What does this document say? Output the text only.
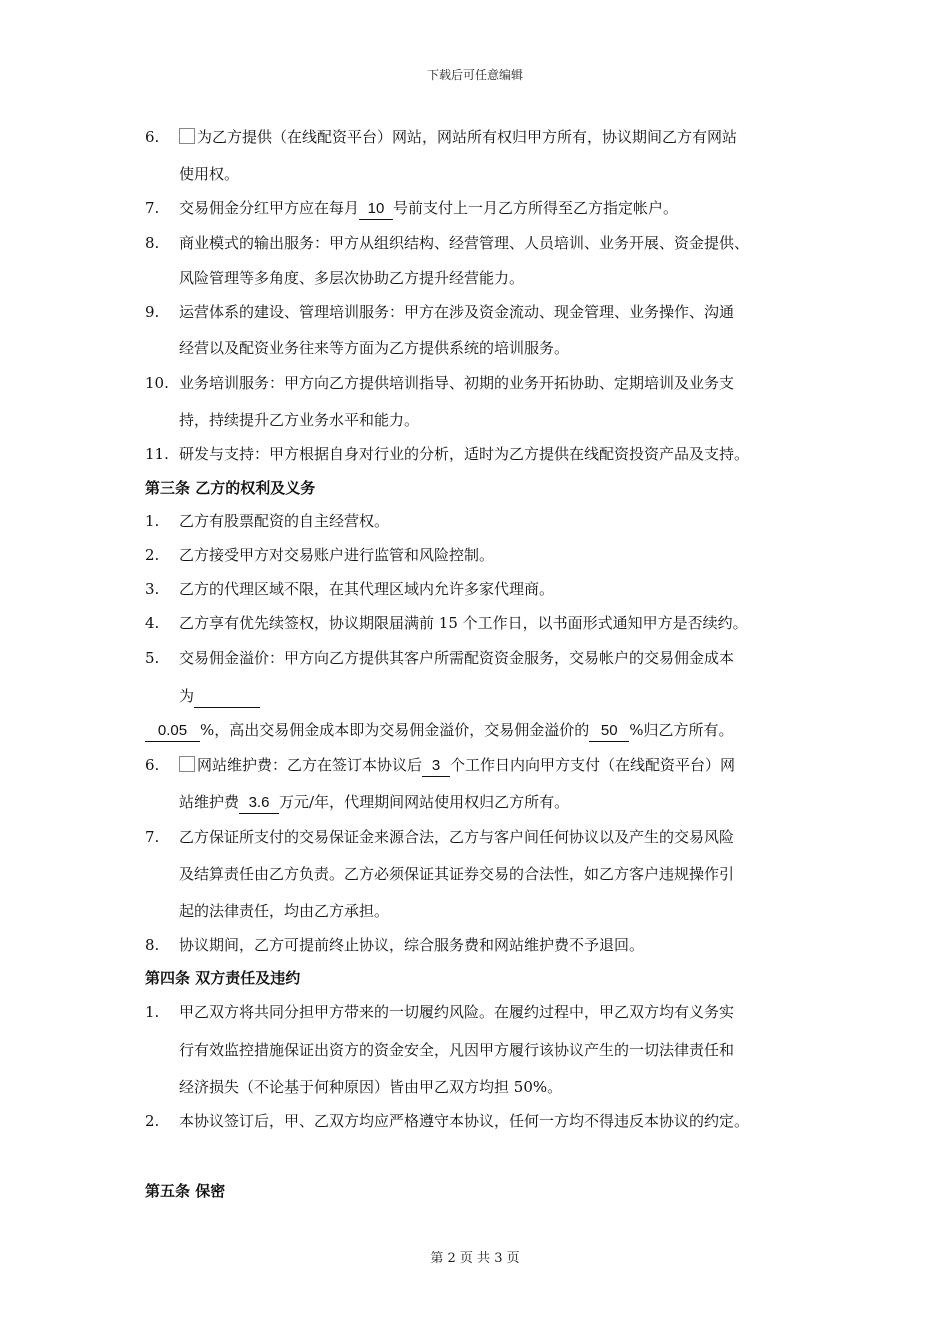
下载后可任意编辑
6.	为乙方提供（在线配资平台）网站，网站所有权归甲方所有，协议期间乙方有网站
使用权。
7. 交易佣金分红甲方应在每月 10 号前支付上一月乙方所得至乙方指定帐户。
8. 商业模式的输出服务：甲方从组织结构、经营管理、人员培训、业务开展、资金提供、
风险管理等多角度、多层次协助乙方提升经营能力。
9. 运营体系的建设、管理培训服务：甲方在涉及资金流动、现金管理、业务操作、沟通
经营以及配资业务往来等方面为乙方提供系统的培训服务。
10. 业务培训服务：甲方向乙方提供培训指导、初期的业务开拓协助、定期培训及业务支
持，持续提升乙方业务水平和能力。
11. 研发与支持：甲方根据自身对行业的分析，适时为乙方提供在线配资投资产品及支持。
第三条 乙方的权利及义务
1. 乙方有股票配资的自主经营权。
2. 乙方接受甲方对交易账户进行监管和风险控制。
3. 乙方的代理区域不限，在其代理区域内允许多家代理商。
4. 乙方享有优先续签权，协议期限届满前 15 个工作日，以书面形式通知甲方是否续约。
5. 交易佣金溢价：甲方向乙方提供其客户所需配资资金服务，交易帐户的交易佣金成本
为
0.05 %，高出交易佣金成本即为交易佣金溢价，交易佣金溢价的 50 %归乙方所有。
6.	网站维护费：乙方在签订本协议后 3 个工作日内向甲方支付（在线配资平台）网
站维护费 3.6 万元/年，代理期间网站使用权归乙方所有。
7. 乙方保证所支付的交易保证金来源合法，乙方与客户间任何协议以及产生的交易风险
及结算责任由乙方负责。乙方必须保证其证券交易的合法性，如乙方客户违规操作引
起的法律责任，均由乙方承担。
8. 协议期间，乙方可提前终止协议，综合服务费和网站维护费不予退回。
第四条 双方责任及违约
1. 甲乙双方将共同分担甲方带来的一切履约风险。在履约过程中，甲乙双方均有义务实
行有效监控措施保证出资方的资金安全，凡因甲方履行该协议产生的一切法律责任和
经济损失（不论基于何种原因）皆由甲乙双方均担 50%。
2. 本协议签订后，甲、乙双方均应严格遵守本协议，任何一方均不得违反本协议的约定。
第五条 保密
第 2 页 共 3 页
